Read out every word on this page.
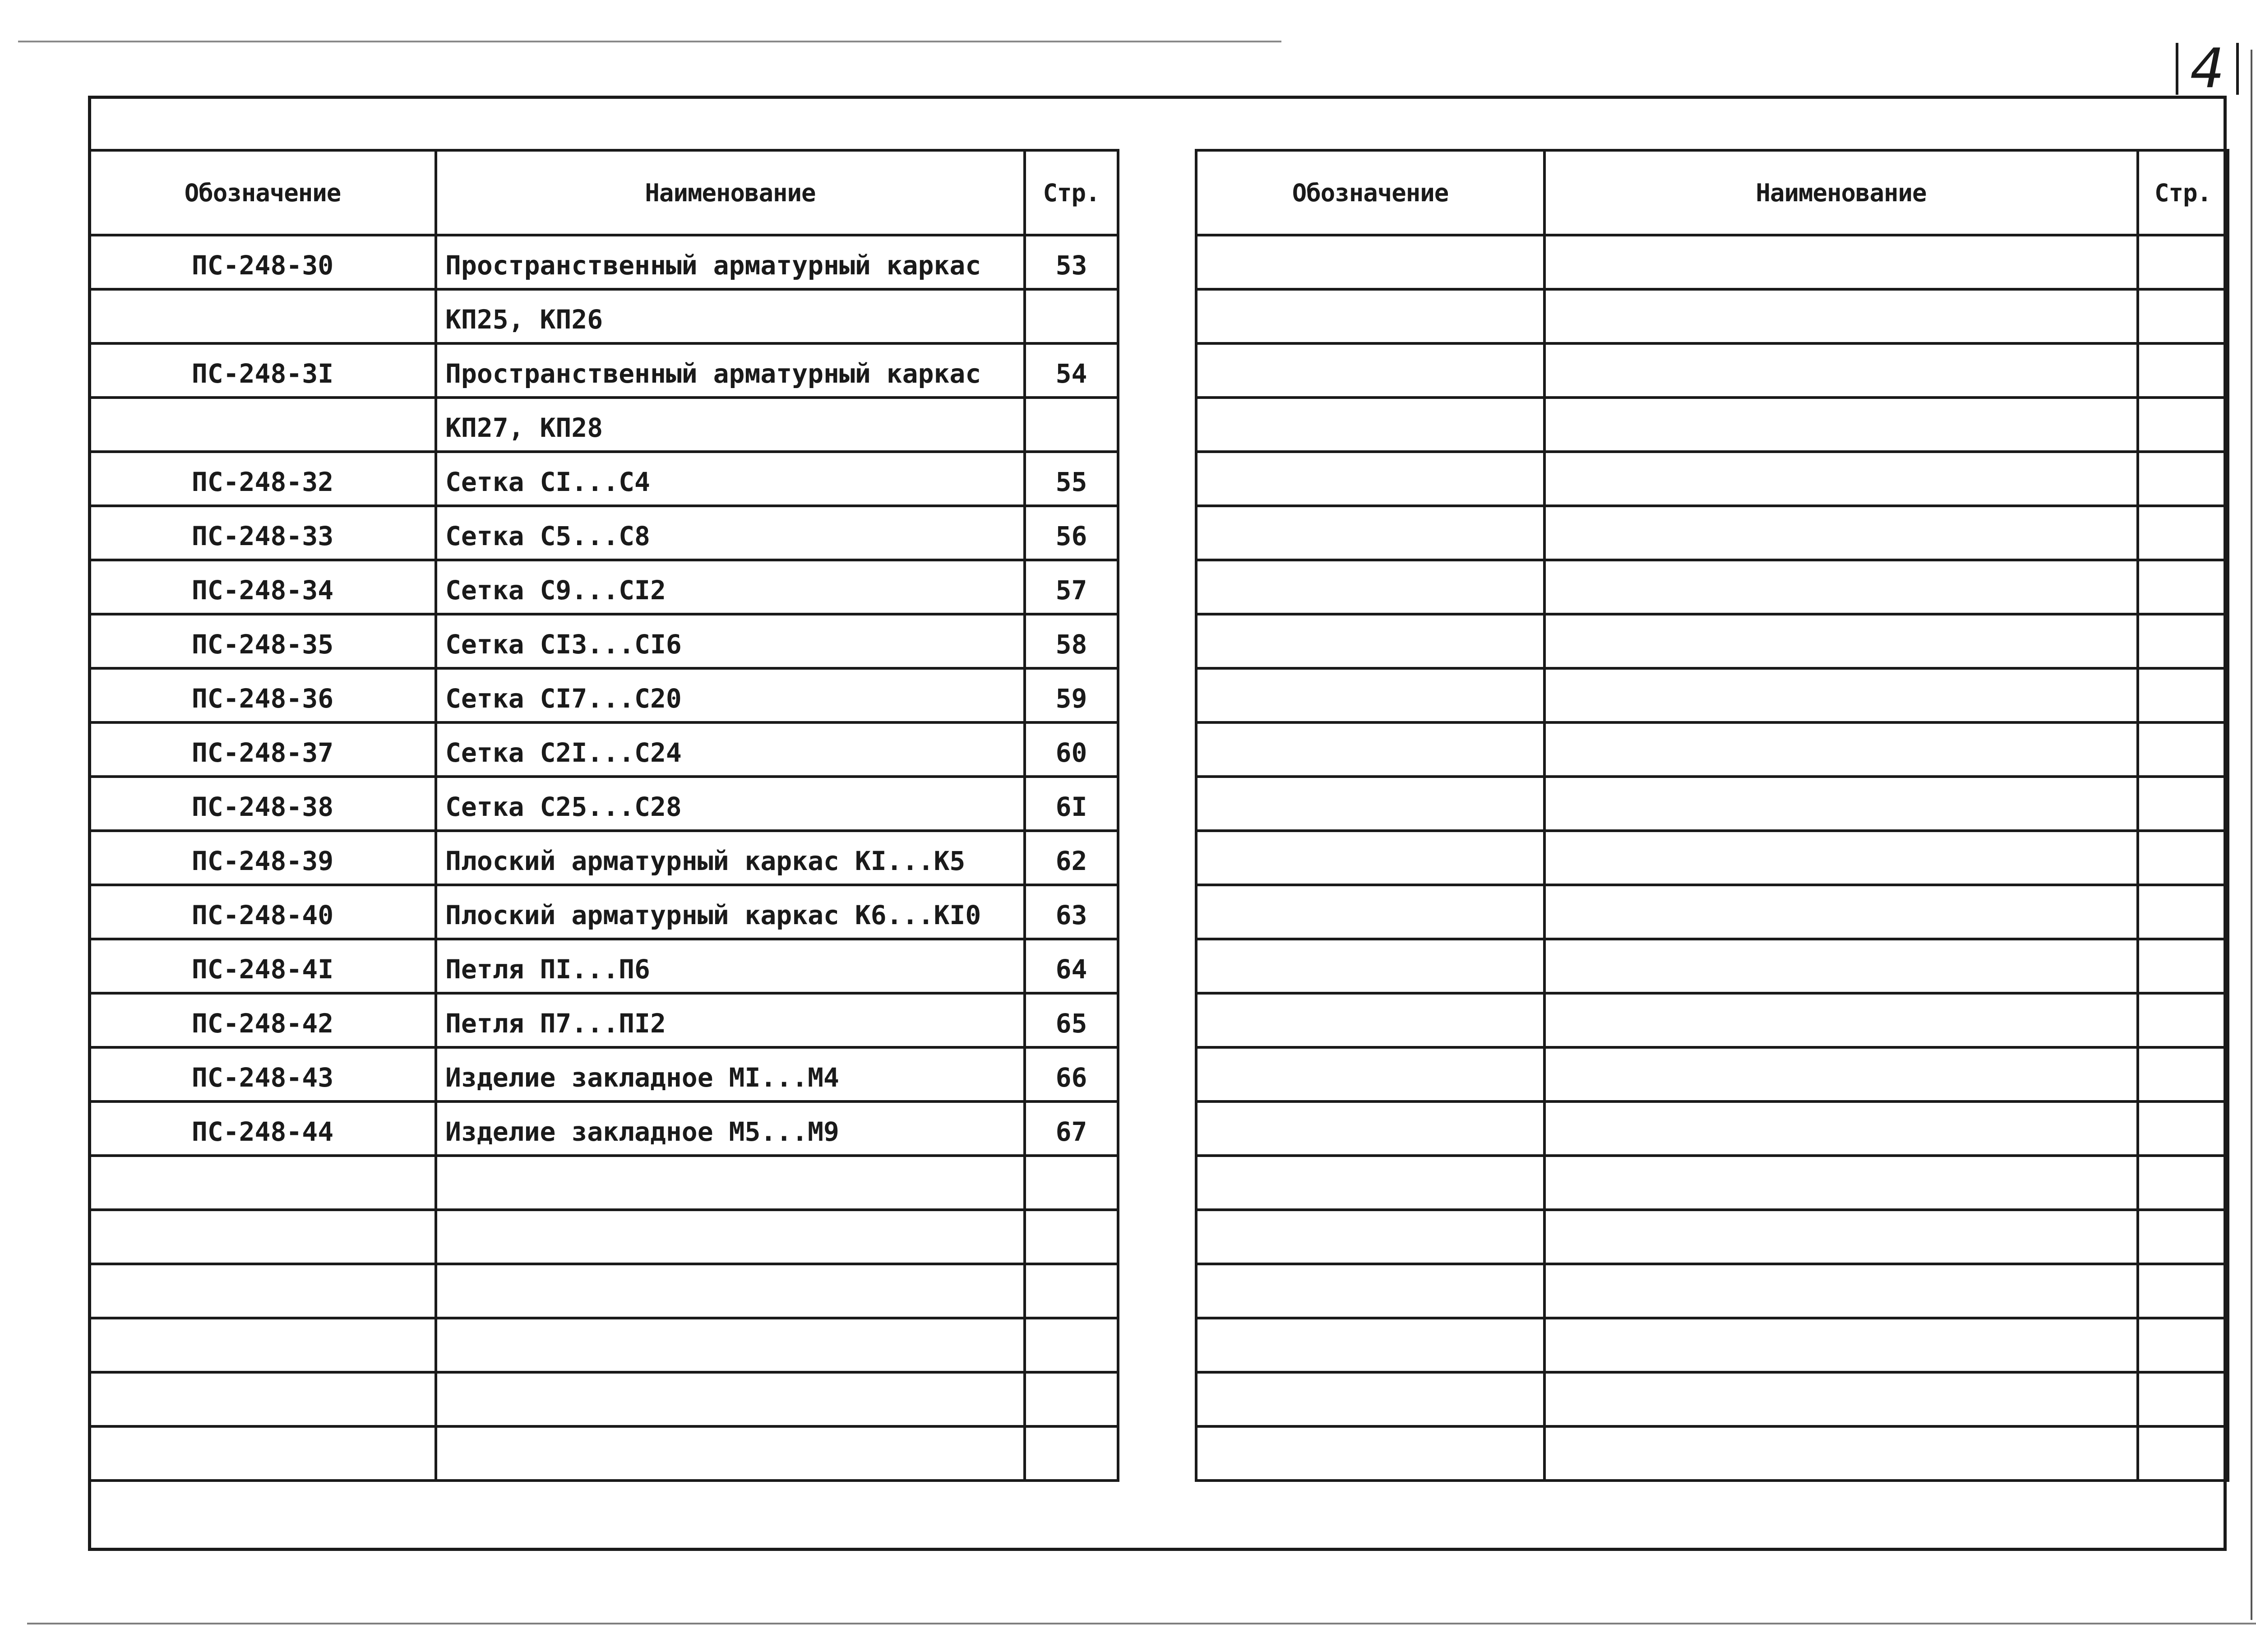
4
Обозначение	Наименование	Стр.
ПС-248-30	Пространственный арматурный каркас	53
	КП25, КП26	
ПС-248-3I	Пространственный арматурный каркас	54
	КП27, КП28	
ПС-248-32	Сетка СI...С4	55
ПС-248-33	Сетка С5...С8	56
ПС-248-34	Сетка С9...СI2	57
ПС-248-35	Сетка СI3...СI6	58
ПС-248-36	Сетка СI7...С20	59
ПС-248-37	Сетка С2I...С24	60
ПС-248-38	Сетка С25...С28	6I
ПС-248-39	Плоский арматурный каркас КI...К5	62
ПС-248-40	Плоский арматурный каркас К6...КI0	63
ПС-248-4I	Петля ПI...П6	64
ПС-248-42	Петля П7...ПI2	65
ПС-248-43	Изделие закладное МI...М4	66
ПС-248-44	Изделие закладное М5...М9	67

Обозначение	Наименование	Стр.
